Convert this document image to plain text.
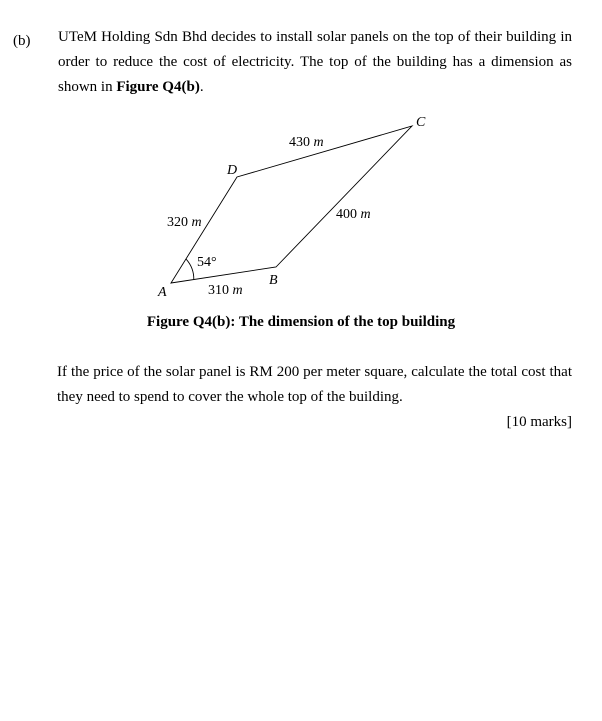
(b) UTeM Holding Sdn Bhd decides to install solar panels on the top of their building in order to reduce the cost of electricity. The top of the building has a dimension as shown in Figure Q4(b).

A
B
C
D
430 m
320 m
400 m
310 m
54°
Figure Q4(b): The dimension of the top building

If the price of the solar panel is RM 200 per meter square, calculate the total cost that they need to spend to cover the whole top of the building.

[10 marks]
